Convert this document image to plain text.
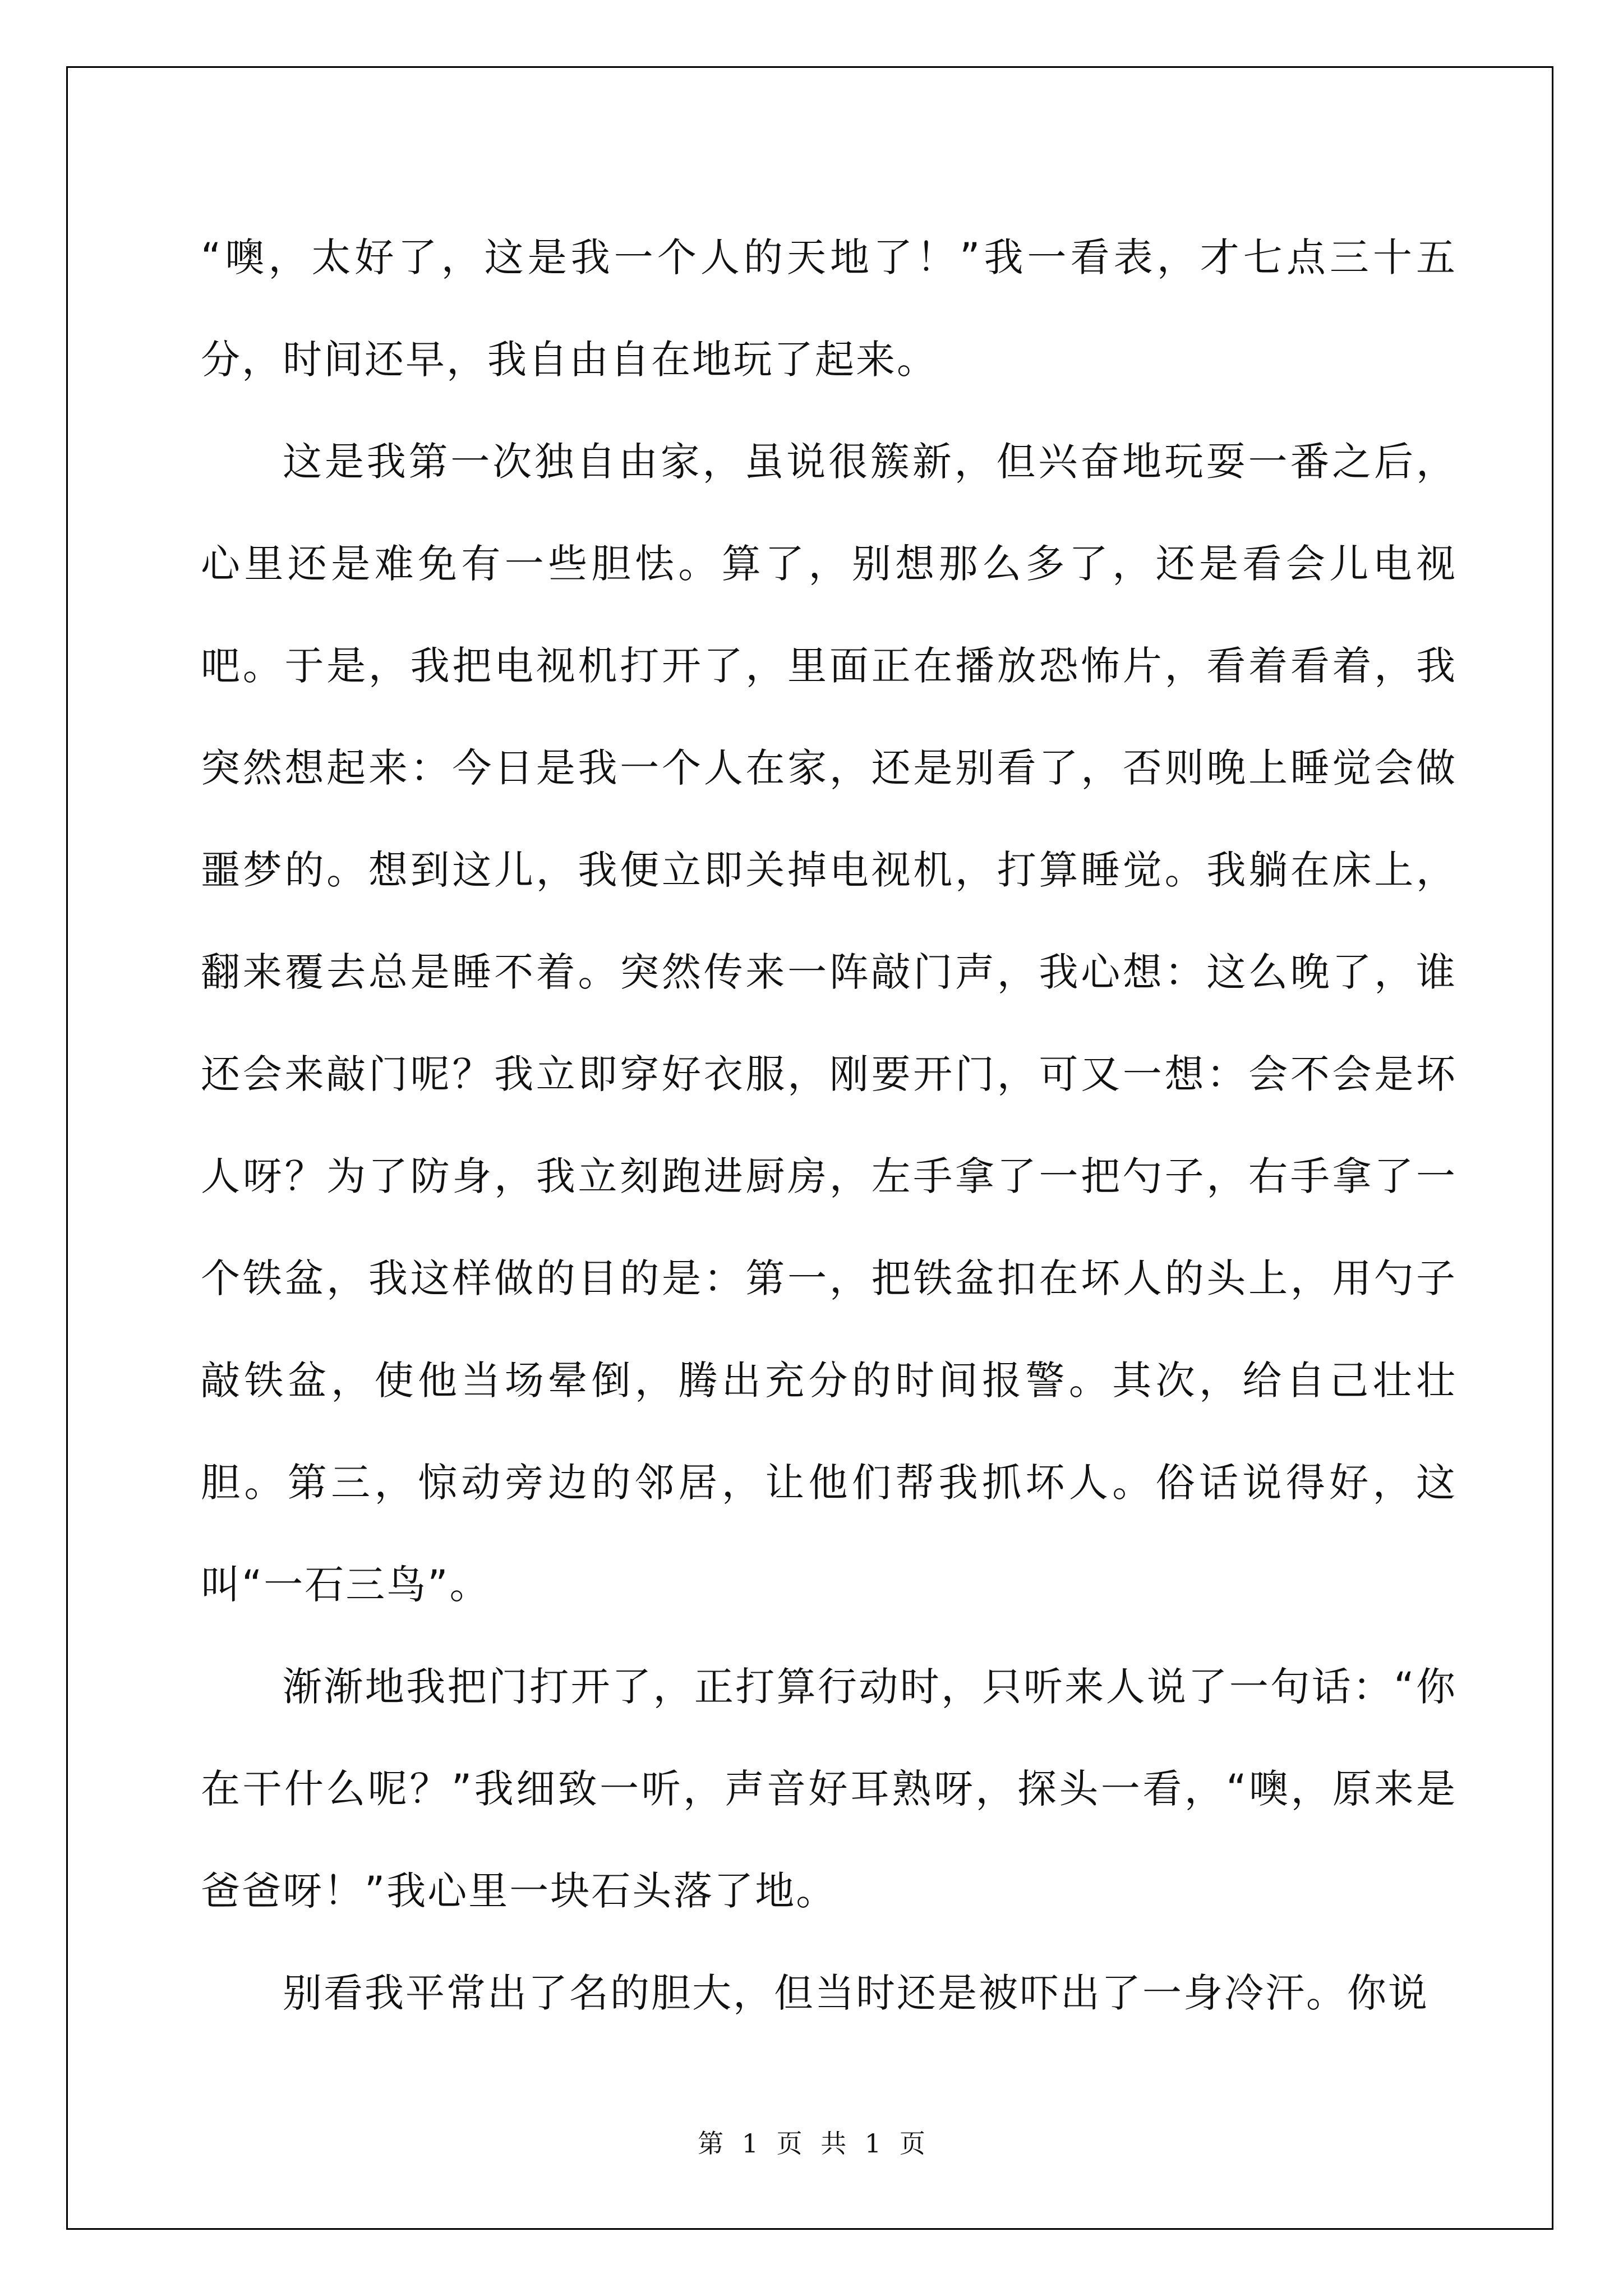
“噢，太好了，这是我一个人的天地了！”我一看表，才七点三十五分，时间还早，我自由自在地玩了起来。

这是我第一次独自由家，虽说很簇新，但兴奋地玩耍一番之后，心里还是难免有一些胆怯。算了，别想那么多了，还是看会儿电视吧。于是，我把电视机打开了，里面正在播放恐怖片，看着看着，我突然想起来：今日是我一个人在家，还是别看了，否则晚上睡觉会做噩梦的。想到这儿，我便立即关掉电视机，打算睡觉。我躺在床上，翻来覆去总是睡不着。突然传来一阵敲门声，我心想：这么晚了，谁还会来敲门呢？我立即穿好衣服，刚要开门，可又一想：会不会是坏人呀？为了防身，我立刻跑进厨房，左手拿了一把勺子，右手拿了一个铁盆，我这样做的目的是：第一，把铁盆扣在坏人的头上，用勺子敲铁盆，使他当场晕倒，腾出充分的时间报警。其次，给自己壮壮胆。第三，惊动旁边的邻居，让他们帮我抓坏人。俗话说得好，这叫“一石三鸟”。

渐渐地我把门打开了，正打算行动时，只听来人说了一句话：“你在干什么呢？”我细致一听，声音好耳熟呀，探头一看，“噢，原来是爸爸呀！”我心里一块石头落了地。

别看我平常出了名的胆大，但当时还是被吓出了一身冷汗。你说

第 1 页 共 1 页
